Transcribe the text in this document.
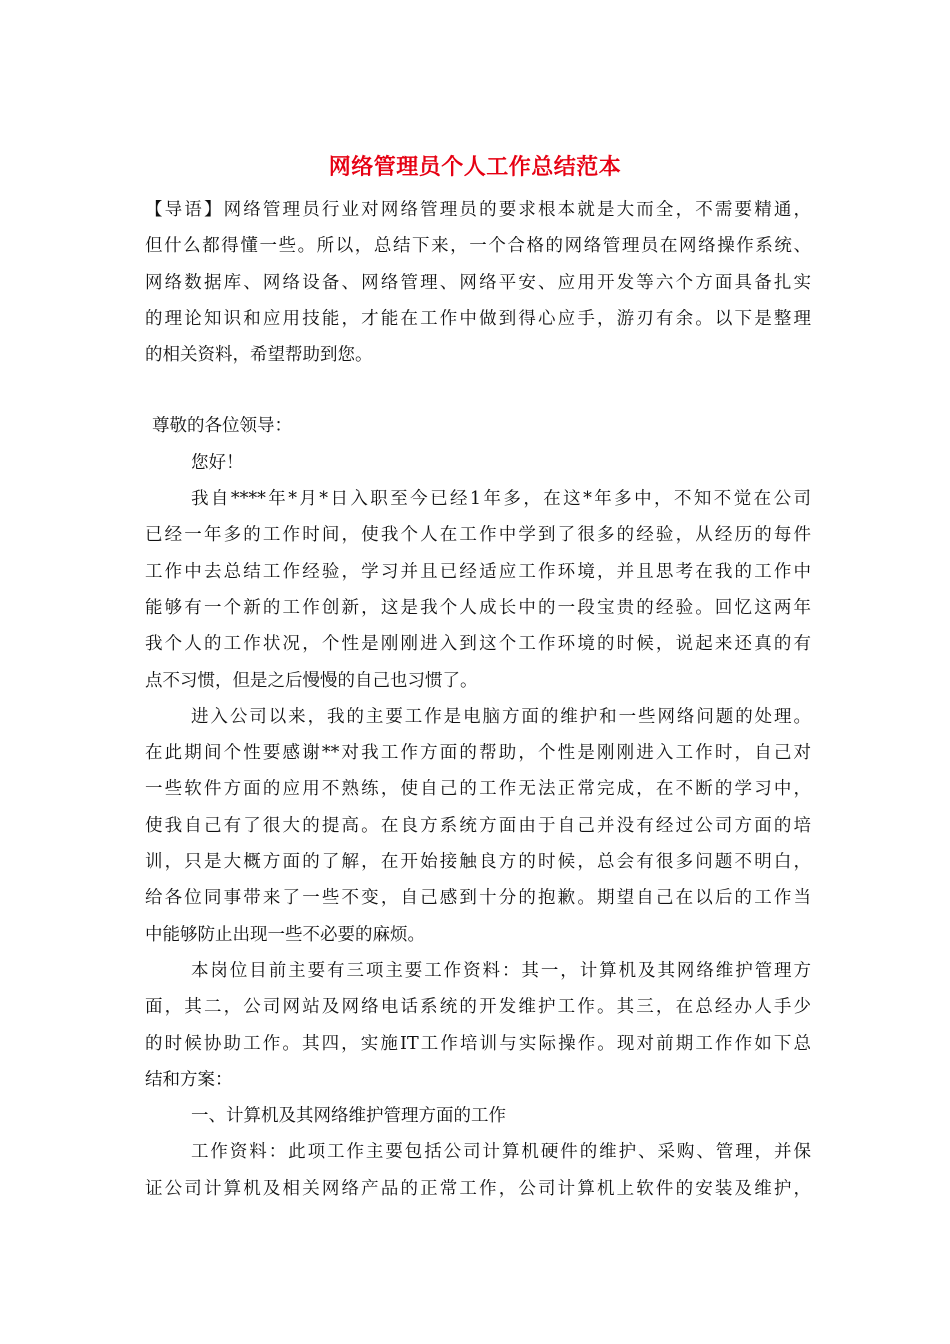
网络管理员个人工作总结范本
【导语】网络管理员行业对网络管理员的要求根本就是大而全，不需要精通，
但什么都得懂一些。所以，总结下来，一个合格的网络管理员在网络操作系统、
网络数据库、网络设备、网络管理、网络平安、应用开发等六个方面具备扎实
的理论知识和应用技能，才能在工作中做到得心应手，游刃有余。以下是整理
的相关资料，希望帮助到您。
尊敬的各位领导：
您好！
我自****年*月*日入职至今已经1年多，在这*年多中，不知不觉在公司
已经一年多的工作时间，使我个人在工作中学到了很多的经验，从经历的每件
工作中去总结工作经验，学习并且已经适应工作环境，并且思考在我的工作中
能够有一个新的工作创新，这是我个人成长中的一段宝贵的经验。回忆这两年
我个人的工作状况，个性是刚刚进入到这个工作环境的时候，说起来还真的有
点不习惯，但是之后慢慢的自己也习惯了。
进入公司以来，我的主要工作是电脑方面的维护和一些网络问题的处理。
在此期间个性要感谢**对我工作方面的帮助，个性是刚刚进入工作时，自己对
一些软件方面的应用不熟练，使自己的工作无法正常完成，在不断的学习中，
使我自己有了很大的提高。在良方系统方面由于自己并没有经过公司方面的培
训，只是大概方面的了解，在开始接触良方的时候，总会有很多问题不明白，
给各位同事带来了一些不变，自己感到十分的抱歉。期望自己在以后的工作当
中能够防止出现一些不必要的麻烦。
本岗位目前主要有三项主要工作资料：其一，计算机及其网络维护管理方
面，其二，公司网站及网络电话系统的开发维护工作。其三，在总经办人手少
的时候协助工作。其四，实施IT工作培训与实际操作。现对前期工作作如下总
结和方案：
一、计算机及其网络维护管理方面的工作
工作资料：此项工作主要包括公司计算机硬件的维护、采购、管理，并保
证公司计算机及相关网络产品的正常工作，公司计算机上软件的安装及维护，
